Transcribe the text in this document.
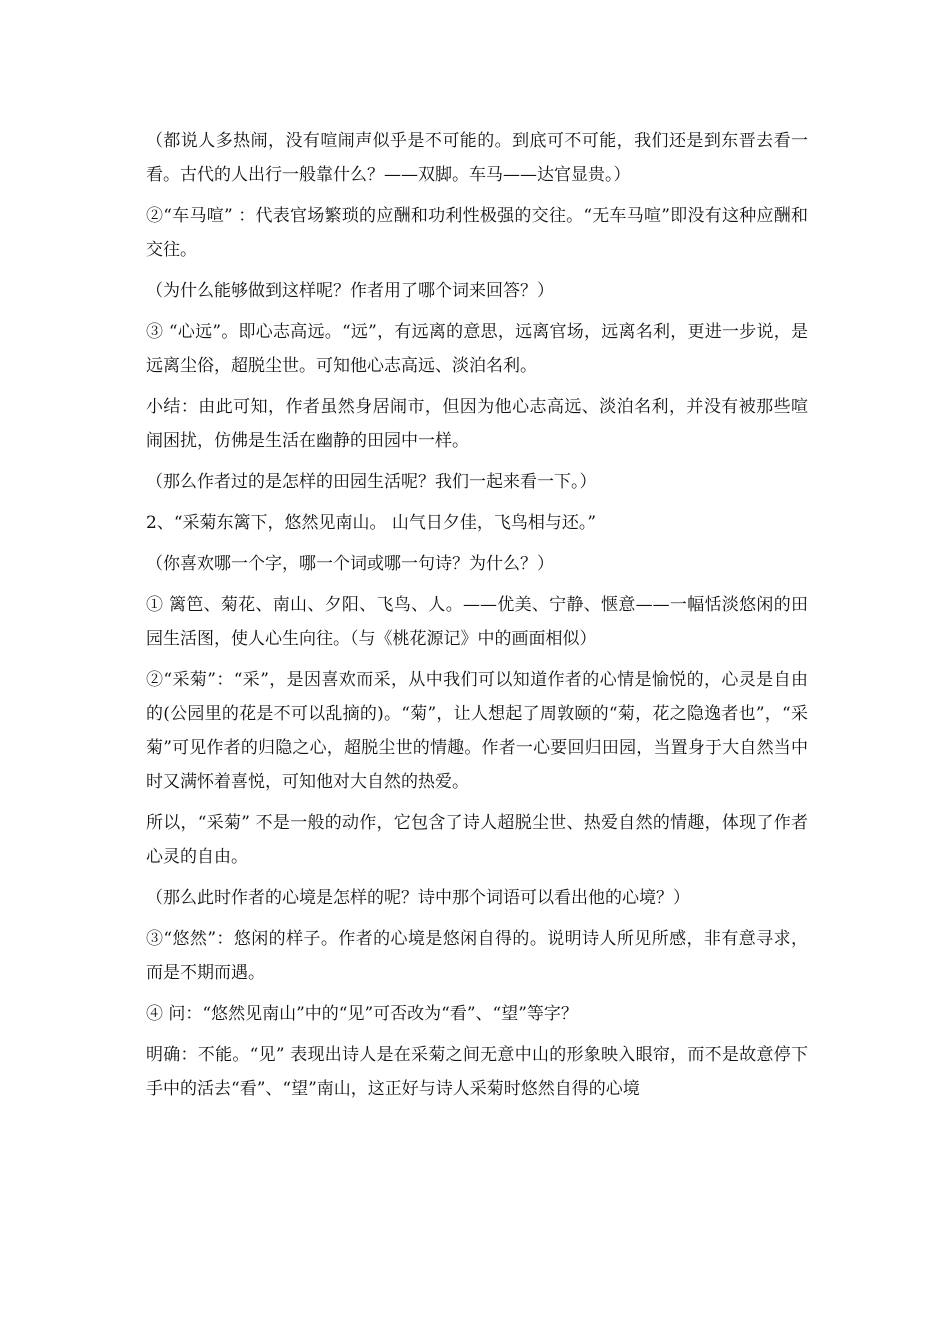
（都说人多热闹，没有喧闹声似乎是不可能的。到底可不可能，我们还是到东晋去看一看。古代的人出行一般靠什么？——双脚。车马——达官显贵。）

②“车马喧” ：代表官场繁琐的应酬和功利性极强的交往。“无车马喧”即没有这种应酬和交往。

（为什么能够做到这样呢？作者用了哪个词来回答？）

③ “心远”。即心志高远。“远”，有远离的意思，远离官场，远离名利，更进一步说，是远离尘俗，超脱尘世。可知他心志高远、淡泊名利。

小结：由此可知，作者虽然身居闹市，但因为他心志高远、淡泊名利，并没有被那些喧闹困扰，仿佛是生活在幽静的田园中一样。

（那么作者过的是怎样的田园生活呢？我们一起来看一下。）

2、“采菊东篱下，悠然见南山。 山气日夕佳，飞鸟相与还。”

（你喜欢哪一个字，哪一个词或哪一句诗？为什么？）

① 篱笆、菊花、南山、夕阳、飞鸟、人。——优美、宁静、惬意——一幅恬淡悠闲的田园生活图，使人心生向往。（与《桃花源记》中的画面相似）

②“采菊”：“采”，是因喜欢而采，从中我们可以知道作者的心情是愉悦的，心灵是自由的(公园里的花是不可以乱摘的)。“菊”，让人想起了周敦颐的“菊，花之隐逸者也”，“采菊”可见作者的归隐之心，超脱尘世的情趣。作者一心要回归田园，当置身于大自然当中时又满怀着喜悦，可知他对大自然的热爱。

所以，“采菊” 不是一般的动作，它包含了诗人超脱尘世、热爱自然的情趣，体现了作者心灵的自由。

（那么此时作者的心境是怎样的呢？诗中那个词语可以看出他的心境？）

③“悠然”：悠闲的样子。作者的心境是悠闲自得的。说明诗人所见所感，非有意寻求，而是不期而遇。

④ 问：“悠然见南山”中的“见”可否改为“看”、“望”等字？

明确：不能。“见” 表现出诗人是在采菊之间无意中山的形象映入眼帘，而不是故意停下手中的活去“看”、“望”南山，这正好与诗人采菊时悠然自得的心境
